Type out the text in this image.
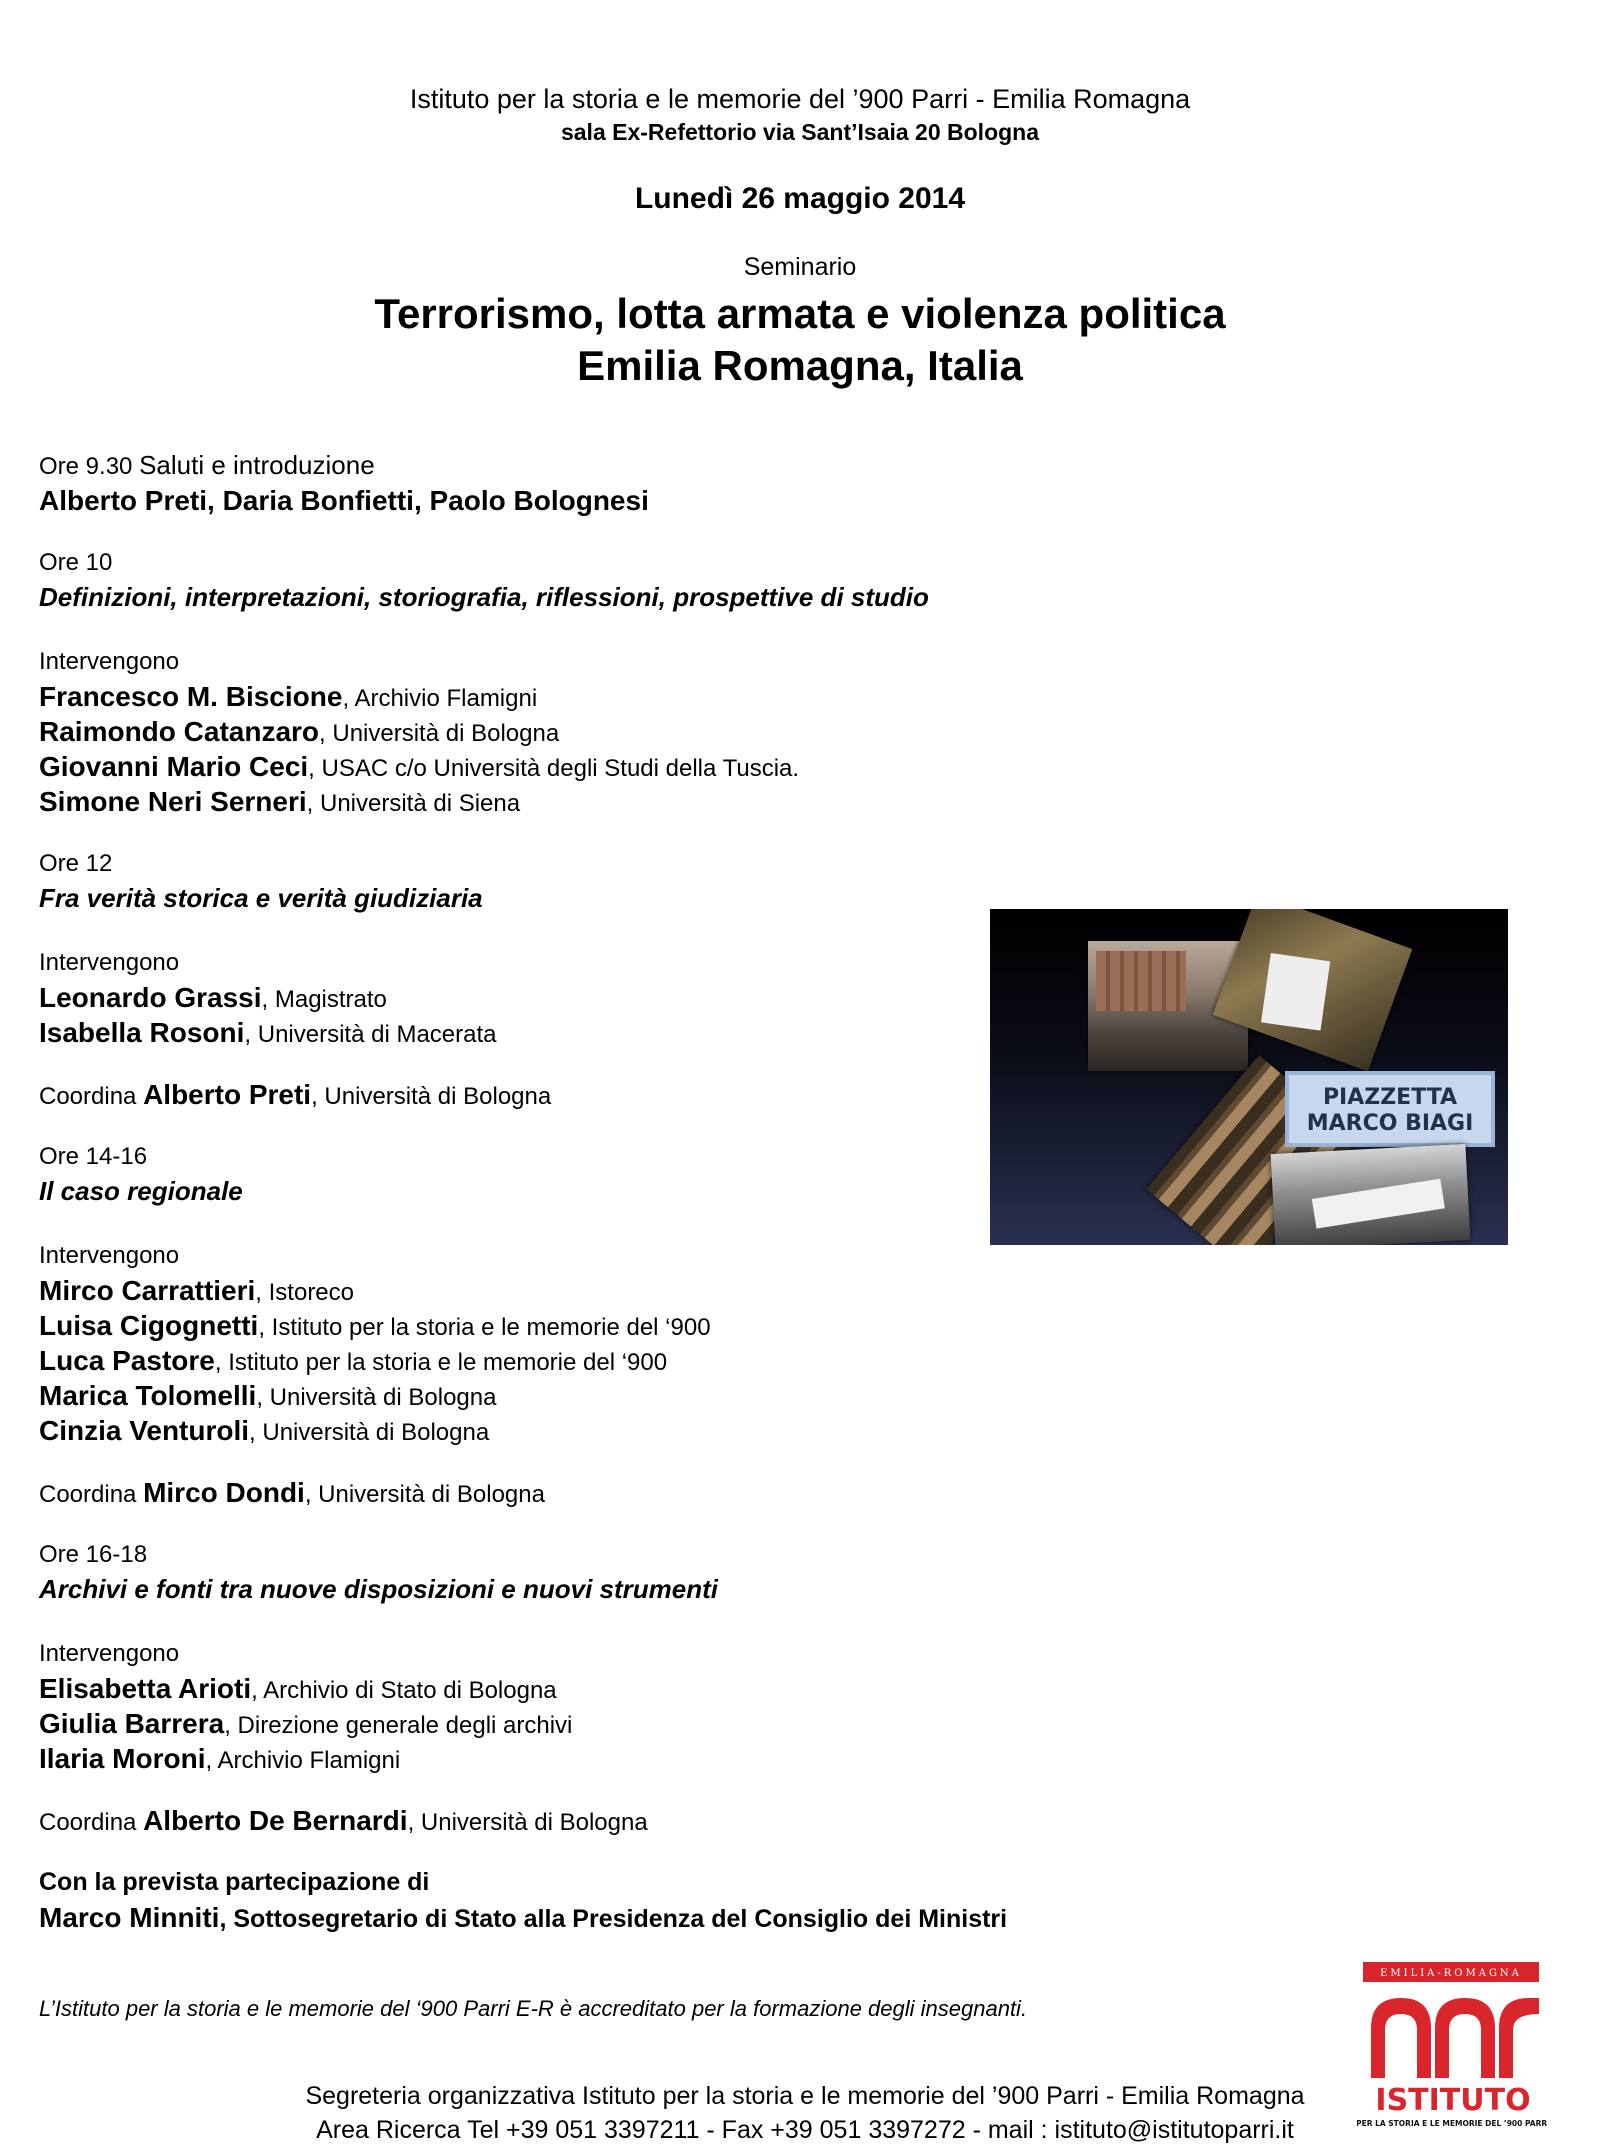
Istituto per la storia e le memorie del ’900 Parri - Emilia Romagna
sala Ex-Refettorio via Sant’Isaia 20 Bologna
Lunedì 26 maggio 2014
Seminario
Terrorismo, lotta armata e violenza politica
Emilia Romagna, Italia
Ore 9.30 Saluti e introduzione
Alberto Preti, Daria Bonfietti, Paolo Bolognesi
Ore 10
Definizioni, interpretazioni, storiografia, riflessioni, prospettive di studio
Intervengono
Francesco M. Biscione, Archivio Flamigni
Raimondo Catanzaro, Università di Bologna
Giovanni Mario Ceci, USAC c/o Università degli Studi della Tuscia.
Simone Neri Serneri, Università di Siena
Ore 12
Fra verità storica e verità giudiziaria
Intervengono
Leonardo Grassi, Magistrato
Isabella Rosoni, Università di Macerata
Coordina Alberto Preti, Università di Bologna
Ore 14-16
Il caso regionale
Intervengono
Mirco Carrattieri, Istoreco
Luisa Cigognetti, Istituto per la storia e le memorie del ‘900
Luca Pastore, Istituto per la storia e le memorie del ‘900
Marica Tolomelli, Università di Bologna
Cinzia Venturoli, Università di Bologna
Coordina Mirco Dondi, Università di Bologna
Ore 16-18
Archivi e fonti tra nuove disposizioni e nuovi strumenti
Intervengono
Elisabetta Arioti, Archivio di Stato di Bologna
Giulia Barrera, Direzione generale degli archivi
Ilaria Moroni, Archivio Flamigni
Coordina Alberto De Bernardi, Università di Bologna
Con la prevista partecipazione di
Marco Minniti, Sottosegretario di Stato alla Presidenza del Consiglio dei Ministri
L’Istituto per la storia e le memorie del ‘900 Parri E-R è accreditato per la formazione degli insegnanti.
PIAZZETTA
MARCO BIAGI
Segreteria organizzativa Istituto per la storia e le memorie del ’900 Parri - Emilia Romagna
Area Ricerca Tel +39 051 3397211 - Fax +39 051 3397272 - mail : istituto@istitutoparri.it
EMILIA-ROMAGNA
ISTITUTO
PER LA STORIA E LE MEMORIE DEL ’900 PARRI
